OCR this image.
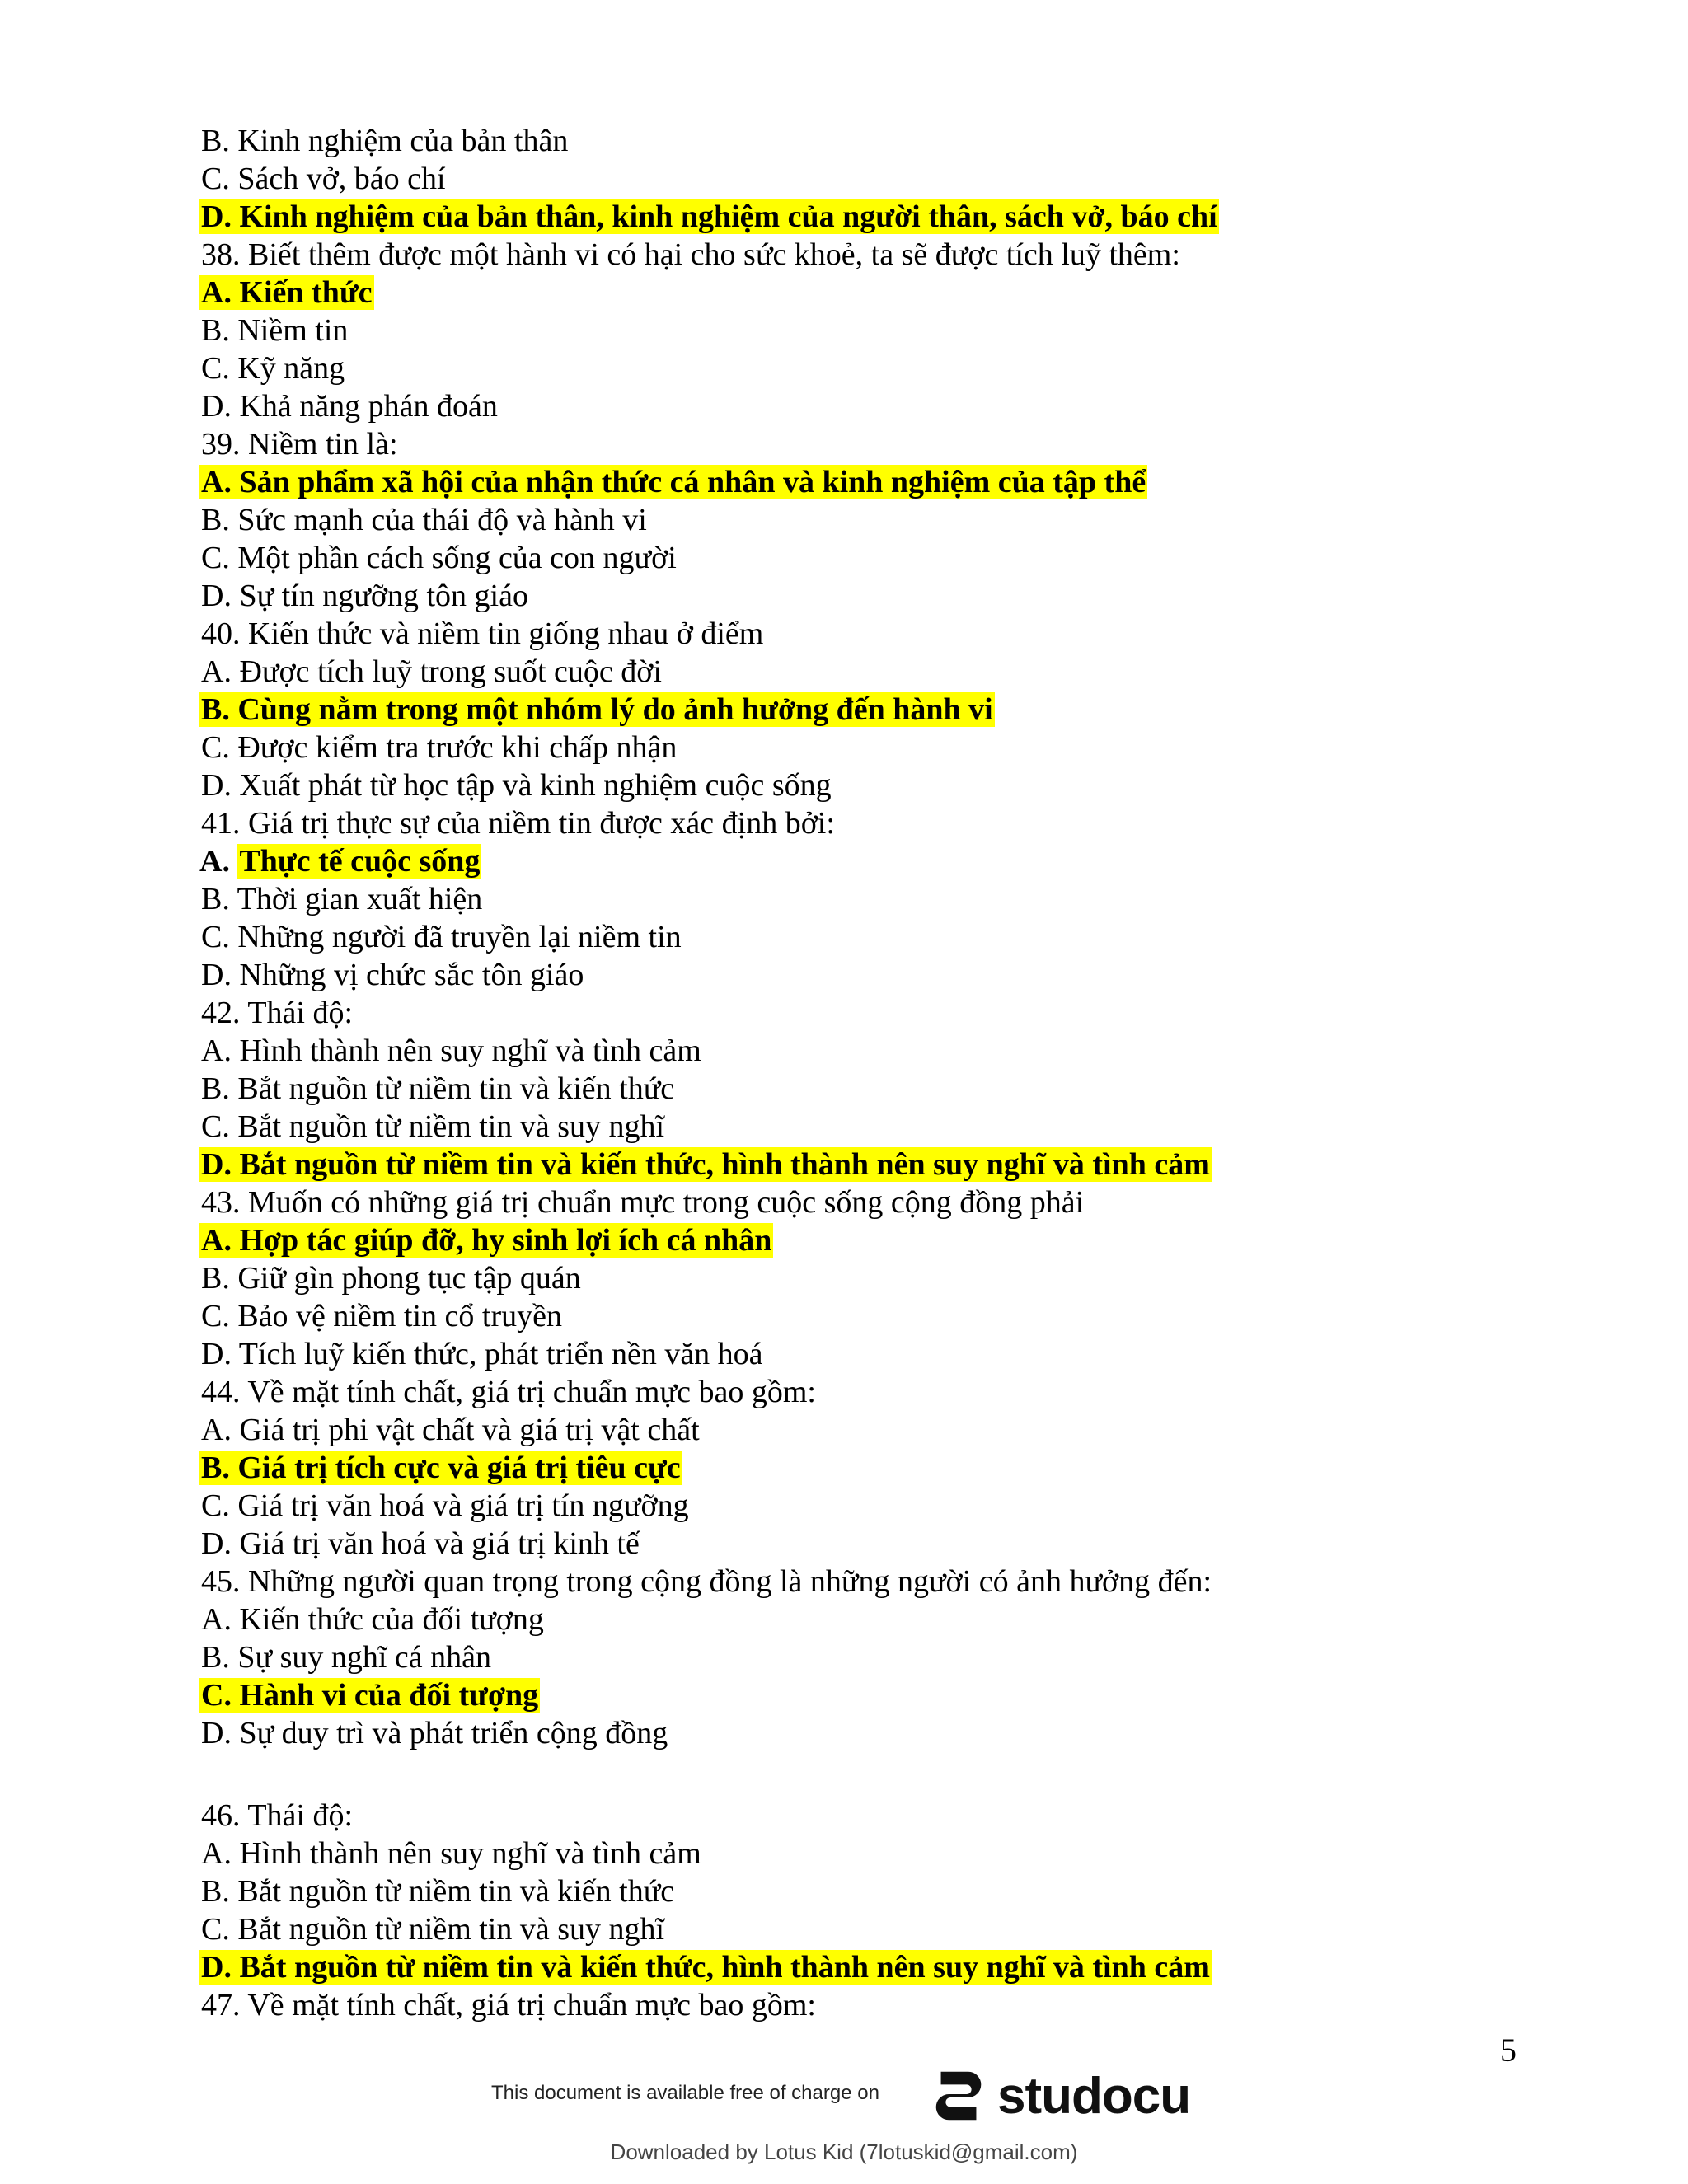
B. Kinh nghiệm của bản thân
C. Sách vở, báo chí
D. Kinh nghiệm của bản thân, kinh nghiệm của người thân, sách vở, báo chí
38. Biết thêm được một hành vi có hại cho sức khoẻ, ta sẽ được tích luỹ thêm:
A. Kiến thức
B. Niềm tin
C. Kỹ năng
D. Khả năng phán đoán
39. Niềm tin là:
A. Sản phẩm xã hội của nhận thức cá nhân và kinh nghiệm của tập thể
B. Sức mạnh của thái độ và hành vi
C. Một phần cách sống của con người
D. Sự tín ngưỡng tôn giáo
40. Kiến thức và niềm tin giống nhau ở điểm
A. Được tích luỹ trong suốt cuộc đời
B. Cùng nằm trong một nhóm lý do ảnh hưởng đến hành vi
C. Được kiểm tra trước khi chấp nhận
D. Xuất phát từ học tập và kinh nghiệm cuộc sống
41. Giá trị thực sự của niềm tin được xác định bởi:
A. Thực tế cuộc sống
B. Thời gian xuất hiện
C. Những người đã truyền lại niềm tin
D. Những vị chức sắc tôn giáo
42. Thái độ:
A. Hình thành nên suy nghĩ và tình cảm
B. Bắt nguồn từ niềm tin và kiến thức
C. Bắt nguồn từ niềm tin và suy nghĩ
D. Bắt nguồn từ niềm tin và kiến thức, hình thành nên suy nghĩ và tình cảm
43. Muốn có những giá trị chuẩn mực trong cuộc sống cộng đồng phải
A. Hợp tác giúp đỡ, hy sinh lợi ích cá nhân
B. Giữ gìn phong tục tập quán
C. Bảo vệ niềm tin cổ truyền
D. Tích luỹ kiến thức, phát triển nền văn hoá
44. Về mặt tính chất, giá trị chuẩn mực bao gồm:
A. Giá trị phi vật chất và giá trị vật chất
B. Giá trị tích cực và giá trị tiêu cực
C. Giá trị văn hoá và giá trị tín ngưỡng
D. Giá trị văn hoá và giá trị kinh tế
45. Những người quan trọng trong cộng đồng là những người có ảnh hưởng đến:
A. Kiến thức của đối tượng
B. Sự suy nghĩ cá nhân
C. Hành vi của đối tượng
D. Sự duy trì và phát triển cộng đồng
46. Thái độ:
A. Hình thành nên suy nghĩ và tình cảm
B. Bắt nguồn từ niềm tin và kiến thức
C. Bắt nguồn từ niềm tin và suy nghĩ
D. Bắt nguồn từ niềm tin và kiến thức, hình thành nên suy nghĩ và tình cảm
47. Về mặt tính chất, giá trị chuẩn mực bao gồm:
5
This document is available free of charge on studocu
Downloaded by Lotus Kid (7lotuskid@gmail.com)
